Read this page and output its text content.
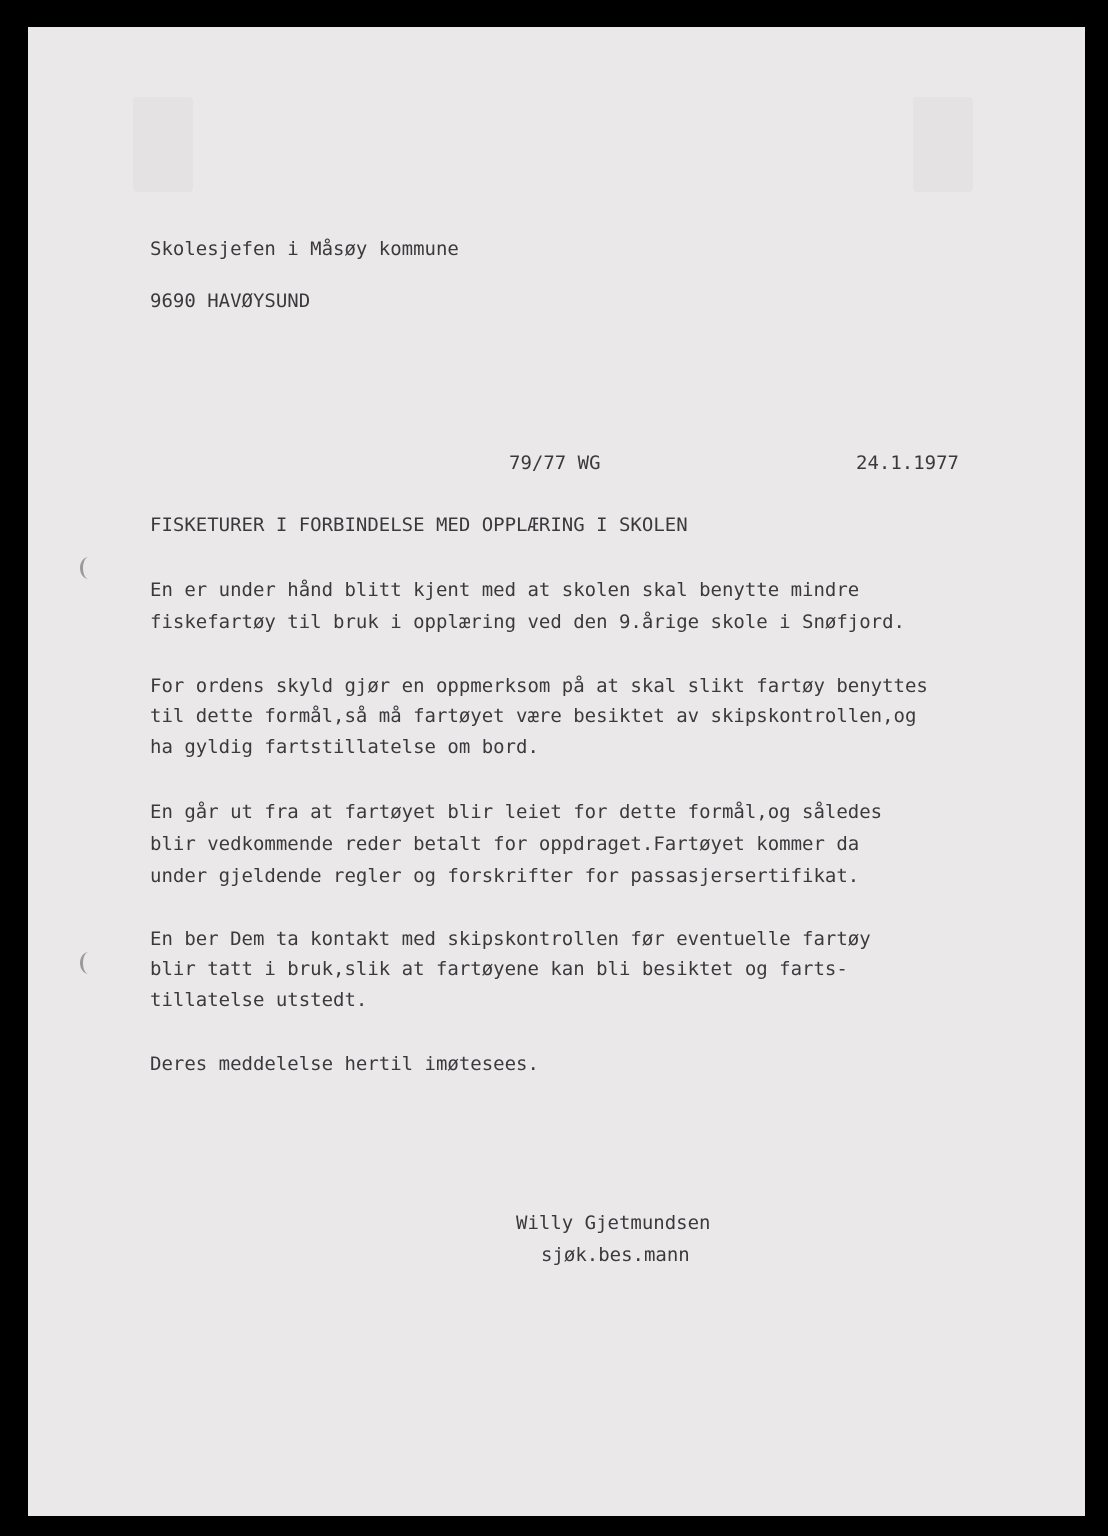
Skolesjefen i Måsøy kommune
9690 HAVØYSUND
79/77 WG	24.1.1977
FISKETURER I FORBINDELSE MED OPPLÆRING I SKOLEN
En er under hånd blitt kjent med at skolen skal benytte mindre
fiskefartøy til bruk i opplæring ved den 9.årige skole i Snøfjord.
For ordens skyld gjør en oppmerksom på at skal slikt fartøy benyttes
til dette formål,så må fartøyet være besiktet av skipskontrollen,og
ha gyldig fartstillatelse om bord.
En går ut fra at fartøyet blir leiet for dette formål,og således
blir vedkommende reder betalt for oppdraget.Fartøyet kommer da
under gjeldende regler og forskrifter for passasjersertifikat.
En ber Dem ta kontakt med skipskontrollen før eventuelle fartøy
blir tatt i bruk,slik at fartøyene kan bli besiktet og farts-
tillatelse utstedt.
Deres meddelelse hertil imøtesees.
Willy Gjetmundsen
sjøk.bes.mann
